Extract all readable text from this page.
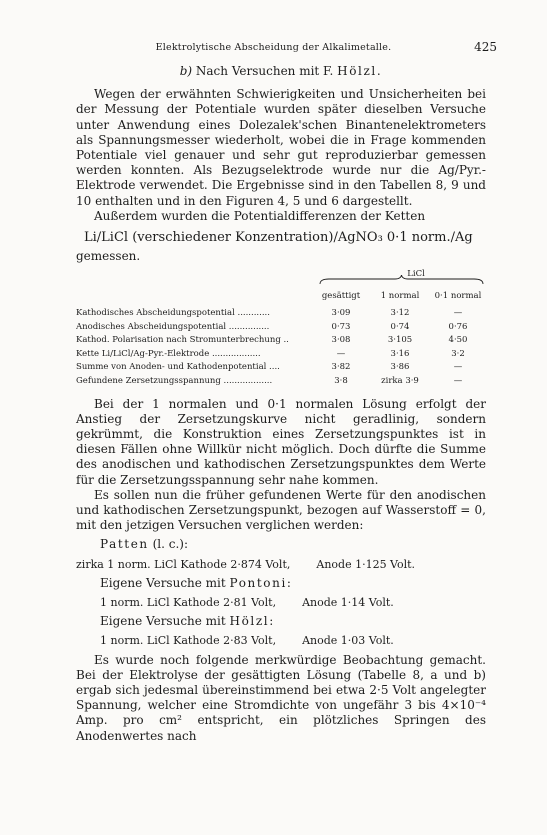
Elektrolytische Abscheidung der Alkalimetalle.	425
b) Nach Versuchen mit F. Hölzl.

Wegen der erwähnten Schwierigkeiten und Unsicherheiten bei der Messung der Potentiale wurden später dieselben Versuche unter Anwendung eines Dolezalek'schen Binantenelektrometers als Spannungsmesser wiederholt, wobei die in Frage kommenden Potentiale viel genauer und sehr gut reproduzierbar gemessen werden konnten. Als Bezugselektrode wurde nur die Ag/Pyr.-Elektrode verwendet. Die Ergebnisse sind in den Tabellen 8, 9 und 10 enthalten und in den Figuren 4, 5 und 6 dargestellt.

Außerdem wurden die Potentialdifferenzen der Ketten

Li/LiCl (verschiedener Konzentration)/AgNO₃ 0·1 norm./Ag

gemessen.

LiCl
	gesättigt	1 normal	0·1 normal
Kathodisches Abscheidungspotential ............	3·09	3·12	—
Anodisches Abscheidungspotential ...............	0·73	0·74	0·76
Kathod. Polarisation nach Stromunterbrechung ..	3·08	3·105	4·50
Kette Li/LiCl/Ag-Pyr.-Elektrode ..................	—	3·16	3·2
Summe von Anoden- und Kathodenpotential ....	3·82	3·86	—
Gefundene Zersetzungsspannung ..................	3·8	zirka 3·9	—

Bei der 1 normalen und 0·1 normalen Lösung erfolgt der Anstieg der Zersetzungskurve nicht geradlinig, sondern gekrümmt, die Konstruktion eines Zersetzungspunktes ist in diesen Fällen ohne Willkür nicht möglich. Doch dürfte die Summe des anodischen und kathodischen Zersetzungspunktes dem Werte für die Zersetzungsspannung sehr nahe kommen.

Es sollen nun die früher gefundenen Werte für den anodischen und kathodischen Zersetzungspunkt, bezogen auf Wasserstoff = 0, mit den jetzigen Versuchen verglichen werden:

Patten (l. c.):
zirka 1 norm. LiCl Kathode 2·874 Volt, Anode 1·125 Volt.
Eigene Versuche mit Pontoni:
1 norm. LiCl Kathode 2·81 Volt, Anode 1·14 Volt.
Eigene Versuche mit Hölzl:
1 norm. LiCl Kathode 2·83 Volt, Anode 1·03 Volt.

Es wurde noch folgende merkwürdige Beobachtung gemacht. Bei der Elektrolyse der gesättigten Lösung (Tabelle 8, a und b) ergab sich jedesmal übereinstimmend bei etwa 2·5 Volt angelegter Spannung, welcher eine Stromdichte von ungefähr 3 bis 4×10⁻⁴ Amp. pro cm² entspricht, ein plötzliches Springen des Anodenwertes nach
